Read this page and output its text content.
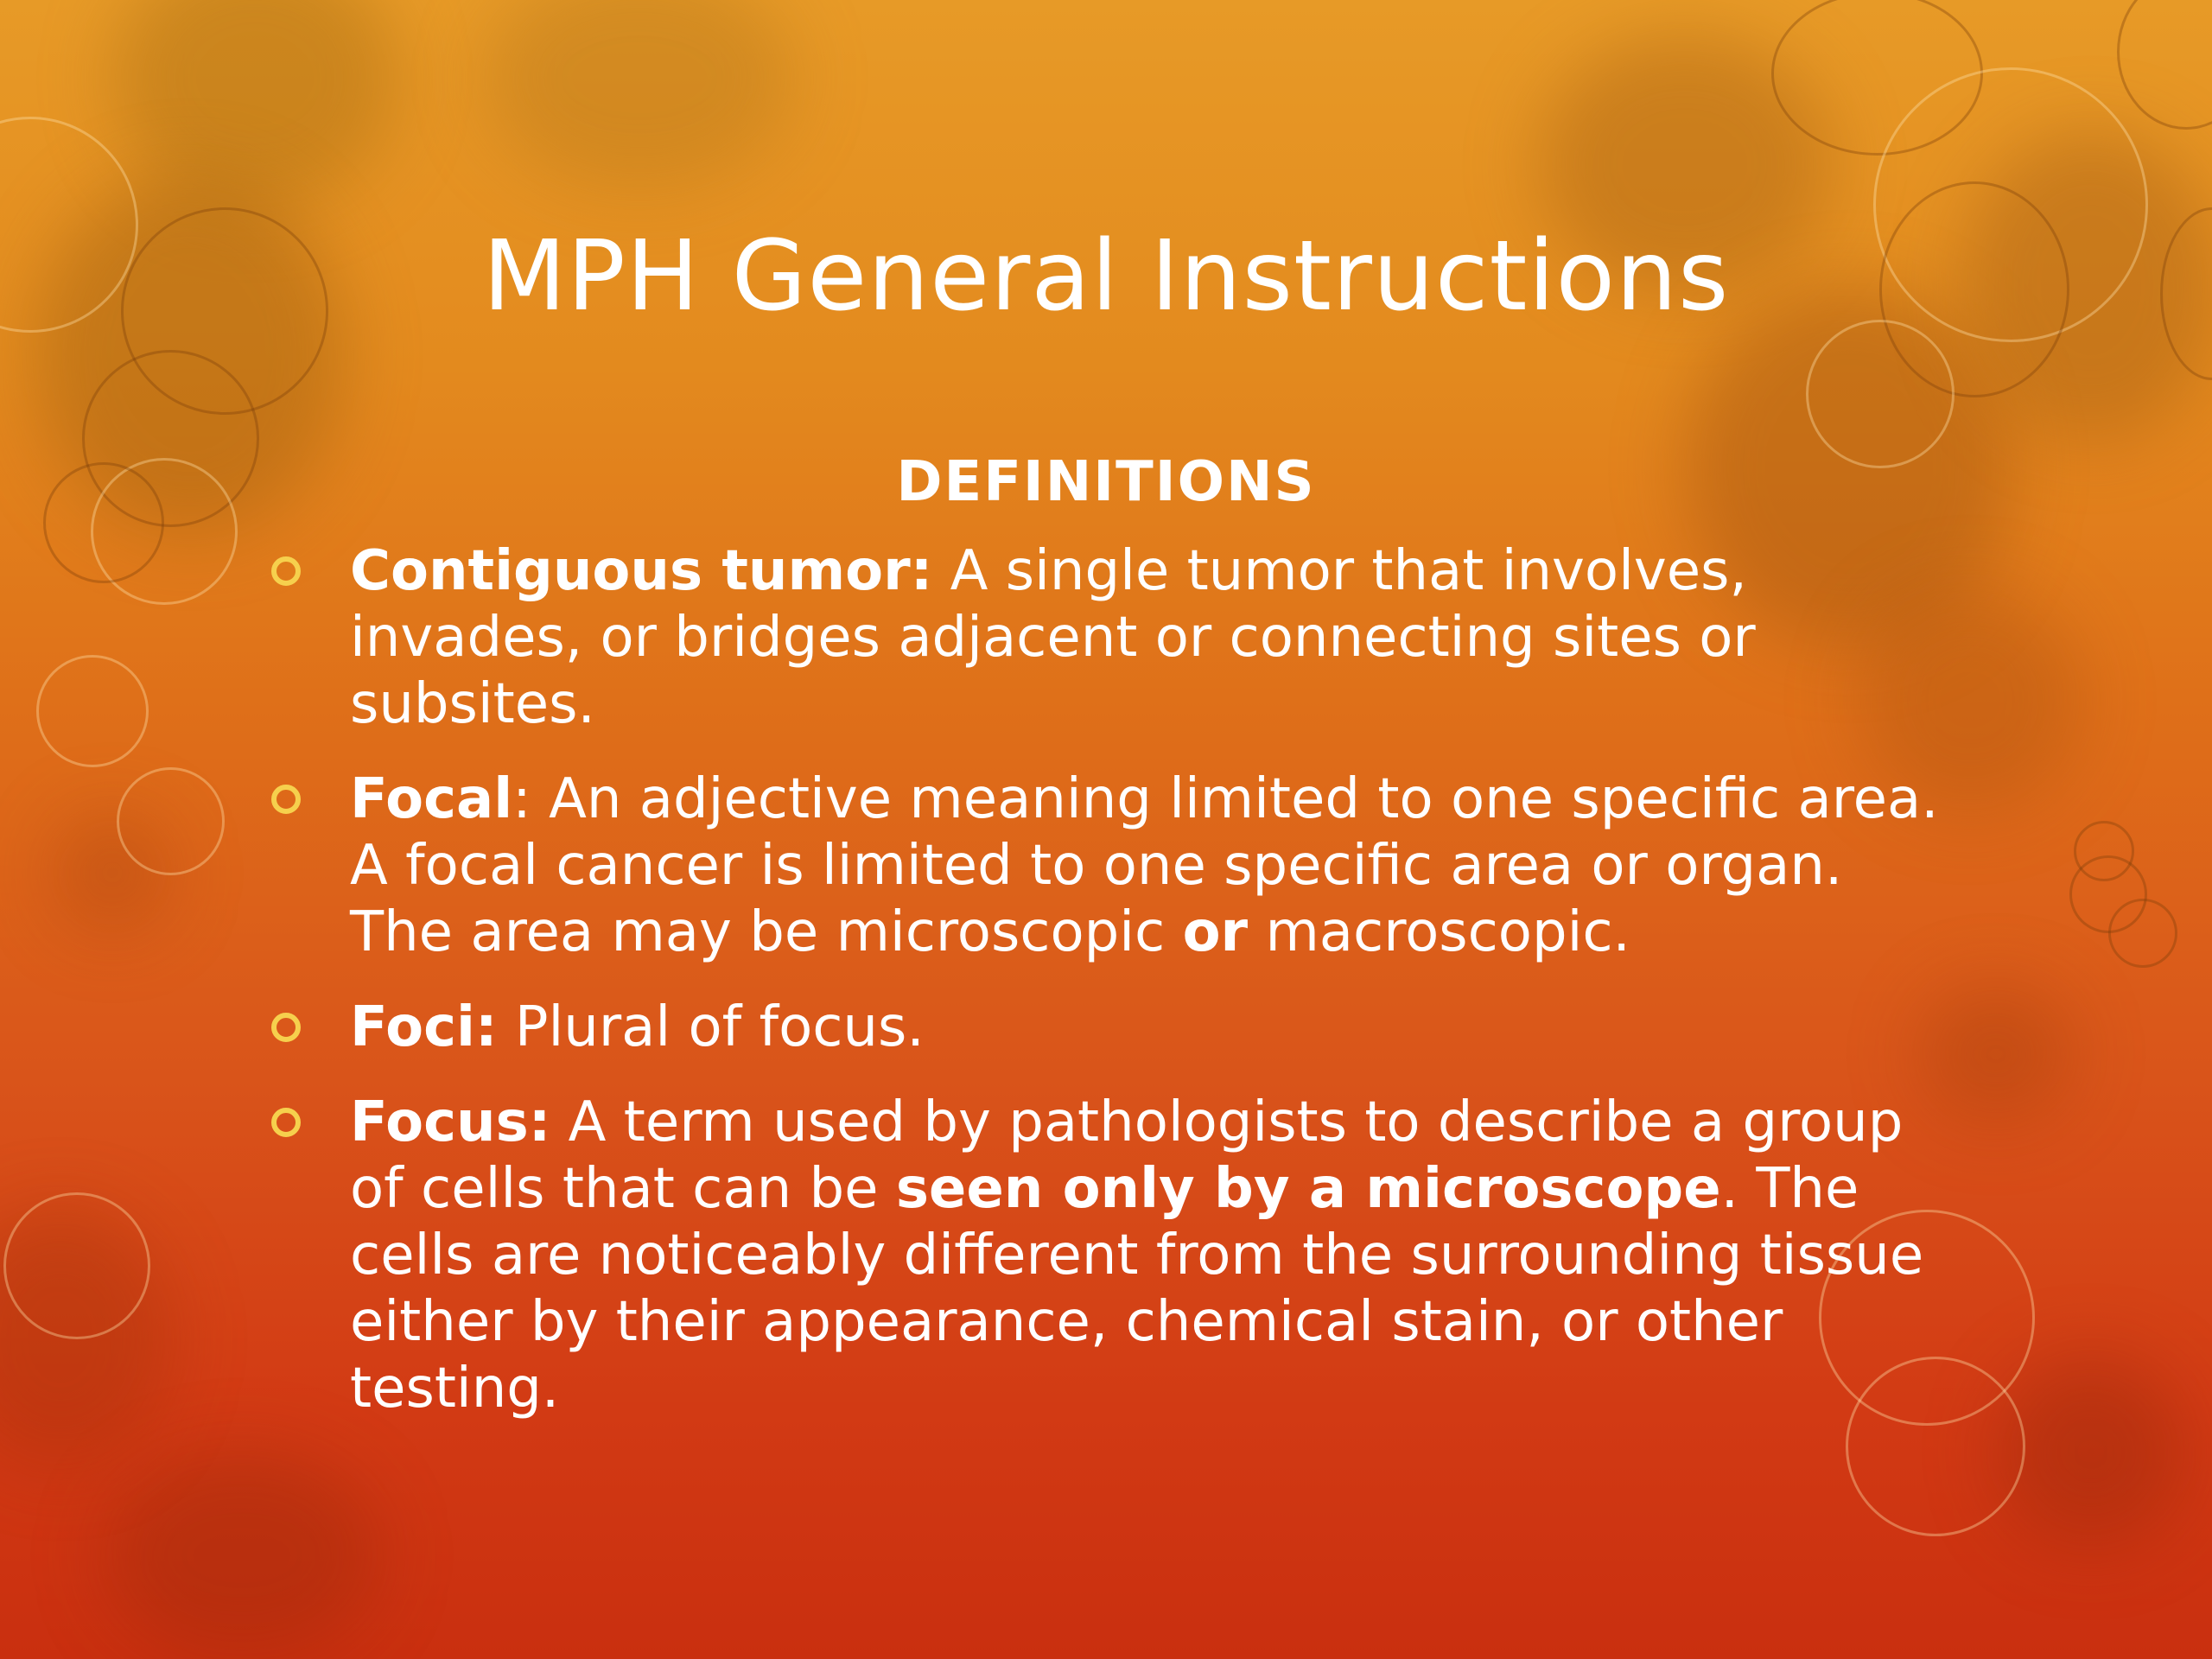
MPH General Instructions
DEFINITIONS
Contiguous tumor: A single tumor that involves, invades, or bridges adjacent or connecting sites or subsites.
Focal: An adjective meaning limited to one specific area. A focal cancer is limited to one specific area or organ. The area may be microscopic or macroscopic.
Foci: Plural of focus.
Focus: A term used by pathologists to describe a group of cells that can be seen only by a microscope. The cells are noticeably different from the surrounding tissue either by their appearance, chemical stain, or other testing.
